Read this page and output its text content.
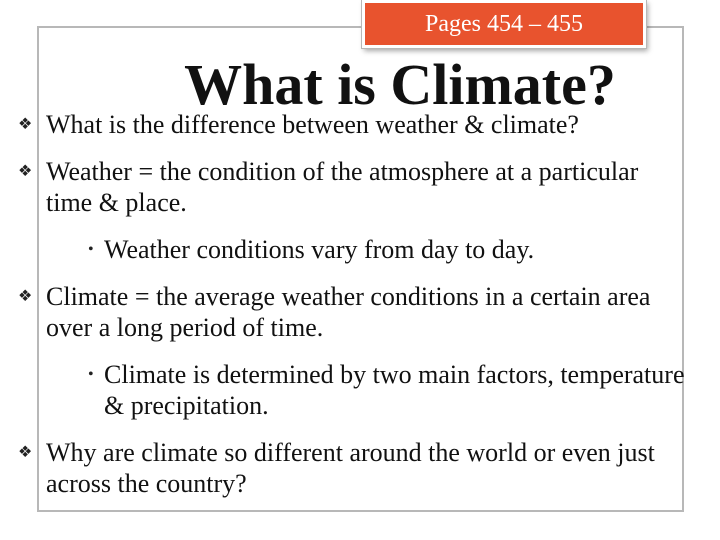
Pages 454 – 455
What is Climate?
❖ What is the difference between weather & climate?
❖ Weather = the condition of the atmosphere at a particular time & place.
• Weather conditions vary from day to day.
❖ Climate = the average weather conditions in a certain area over a long period of time.
• Climate is determined by two main factors, temperature & precipitation.
❖ Why are climate so different around the world or even just across the country?
